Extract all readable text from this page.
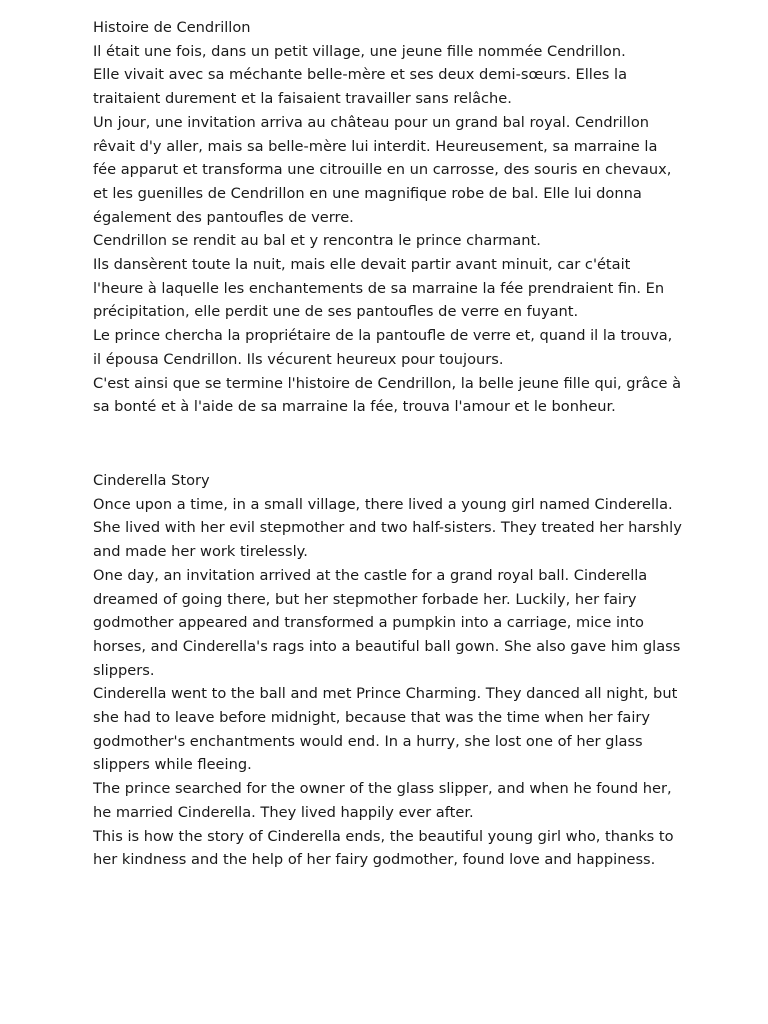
Histoire de Cendrillon

Il était une fois, dans un petit village, une jeune fille nommée Cendrillon.

Elle vivait avec sa méchante belle-mère et ses deux demi-sœurs. Elles la traitaient durement et la faisaient travailler sans relâche.

Un jour, une invitation arriva au château pour un grand bal royal. Cendrillon rêvait d'y aller, mais sa belle-mère lui interdit. Heureusement, sa marraine la fée apparut et transforma une citrouille en un carrosse, des souris en chevaux, et les guenilles de Cendrillon en une magnifique robe de bal. Elle lui donna également des pantoufles de verre.

Cendrillon se rendit au bal et y rencontra le prince charmant.

Ils dansèrent toute la nuit, mais elle devait partir avant minuit, car c'était l'heure à laquelle les enchantements de sa marraine la fée prendraient fin. En précipitation, elle perdit une de ses pantoufles de verre en fuyant.

Le prince chercha la propriétaire de la pantoufle de verre et, quand il la trouva, il épousa Cendrillon. Ils vécurent heureux pour toujours.

C'est ainsi que se termine l'histoire de Cendrillon, la belle jeune fille qui, grâce à sa bonté et à l'aide de sa marraine la fée, trouva l'amour et le bonheur.

Cinderella Story

Once upon a time, in a small village, there lived a young girl named Cinderella.

She lived with her evil stepmother and two half-sisters. They treated her harshly and made her work tirelessly.

One day, an invitation arrived at the castle for a grand royal ball. Cinderella dreamed of going there, but her stepmother forbade her. Luckily, her fairy godmother appeared and transformed a pumpkin into a carriage, mice into horses, and Cinderella's rags into a beautiful ball gown. She also gave him glass slippers.

Cinderella went to the ball and met Prince Charming. They danced all night, but she had to leave before midnight, because that was the time when her fairy godmother's enchantments would end. In a hurry, she lost one of her glass slippers while fleeing.

The prince searched for the owner of the glass slipper, and when he found her, he married Cinderella. They lived happily ever after.

This is how the story of Cinderella ends, the beautiful young girl who, thanks to her kindness and the help of her fairy godmother, found love and happiness.
